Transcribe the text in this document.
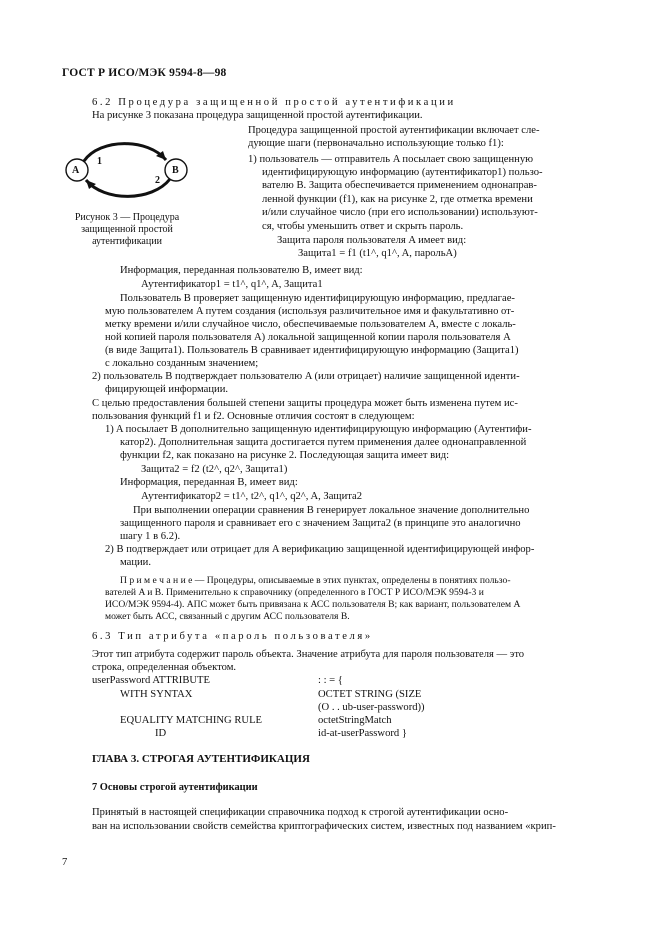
ГОСТ Р ИСО/МЭК 9594-8—98
6.2 Процедура защищенной простой аутентификации
На рисунке 3 показана процедура защищенной простой аутентификации.
A	B
1
2
Рисунок 3 — Процедура
защищенной простой
аутентификации
Процедура защищенной простой аутентификации включает сле-
дующие шаги (первоначально использующие только f1):
1) пользователь — отправитель A посылает свою защищенную
идентифицирующую информацию (аутентификатор1) пользо-
вателю B. Защита обеспечивается применением однонапрaв-
ленной функции (f1), как на рисунке 2, где отметка времени
и/или случайное число (при его использовании) используют-
ся, чтобы уменьшить ответ и скрыть пароль.
Защита пароля пользователя A имеет вид:
Защита1 = f1 (t1^, q1^, A, парольA)
Информация, переданная пользователю B, имеет вид:
Аутентификатор1 = t1^, q1^, A, Защита1
Пользователь B проверяет защищенную идентифицирующую информацию, предлагае-
мую пользователем A путем создания (используя различительное имя и факультативно от-
метку времени и/или случайное число, обеспечиваемые пользователем A, вместе с локаль-
ной копией пароля пользователя A) локальной защищенной копии пароля пользователя A
(в виде Защита1). Пользователь B сравнивает идентифицирующую информацию (Защита1)
с локально созданным значением;
2) пользователь B подтверждает пользователю A (или отрицает) наличие защищенной иденти-
фицирующей информации.
С целью предоставления большей степени защиты процедура может быть изменена путем ис-
пользования функций f1 и f2. Основные отличия состоят в следующем:
1) A посылает B дополнительно защищенную идентифицирующую информацию (Аутентифи-
катор2). Дополнительная защита достигается путем применения далее однонаправленной
функции f2, как показано на рисунке 2. Последующая защита имеет вид:
Защита2 = f2 (t2^, q2^, Защита1)
Информация, переданная B, имеет вид:
Аутентификатор2 = t1^, t2^, q1^, q2^, A, Защита2
При выполнении операции сравнения B генерирует локальное значение дополнительно
защищенного пароля и сравнивает его с значением Защита2 (в принципе это аналогично
шагу 1 в 6.2).
2) B подтверждает или отрицает для A верификацию защищенной идентифицирующей инфор-
мации.
П р и м е ч а н и е — Процедуры, описываемые в этих пунктах, определены в понятиях пользо-
вателей A и B. Применительно к справочнику (определенного в ГОСТ Р ИСО/МЭК 9594-3 и
ИСО/МЭК 9594-4). АПС может быть привязана к АСС пользователя B; как вариант, пользователем A
может быть АСС, связанный с другим АСС пользователя B.
6.3 Тип атрибута «пароль пользователя»
Этот тип атрибута содержит пароль объекта. Значение атрибута для пароля пользователя — это
строка, определенная объектом.
userPassword ATTRIBUTE	: : = {
WITH SYNTAX	OCTET STRING (SIZE
(O . . ub-user-password))
EQUALITY MATCHING RULE	octetStringMatch
ID	id-at-userPassword }
ГЛАВА 3. СТРОГАЯ АУТЕНТИФИКАЦИЯ
7 Основы строгой аутентификации
Принятый в настоящей спецификации справочника подход к строгой аутентификации осно-
ван на использовании свойств семейства криптографических систем, известных под названием «крип-
7
